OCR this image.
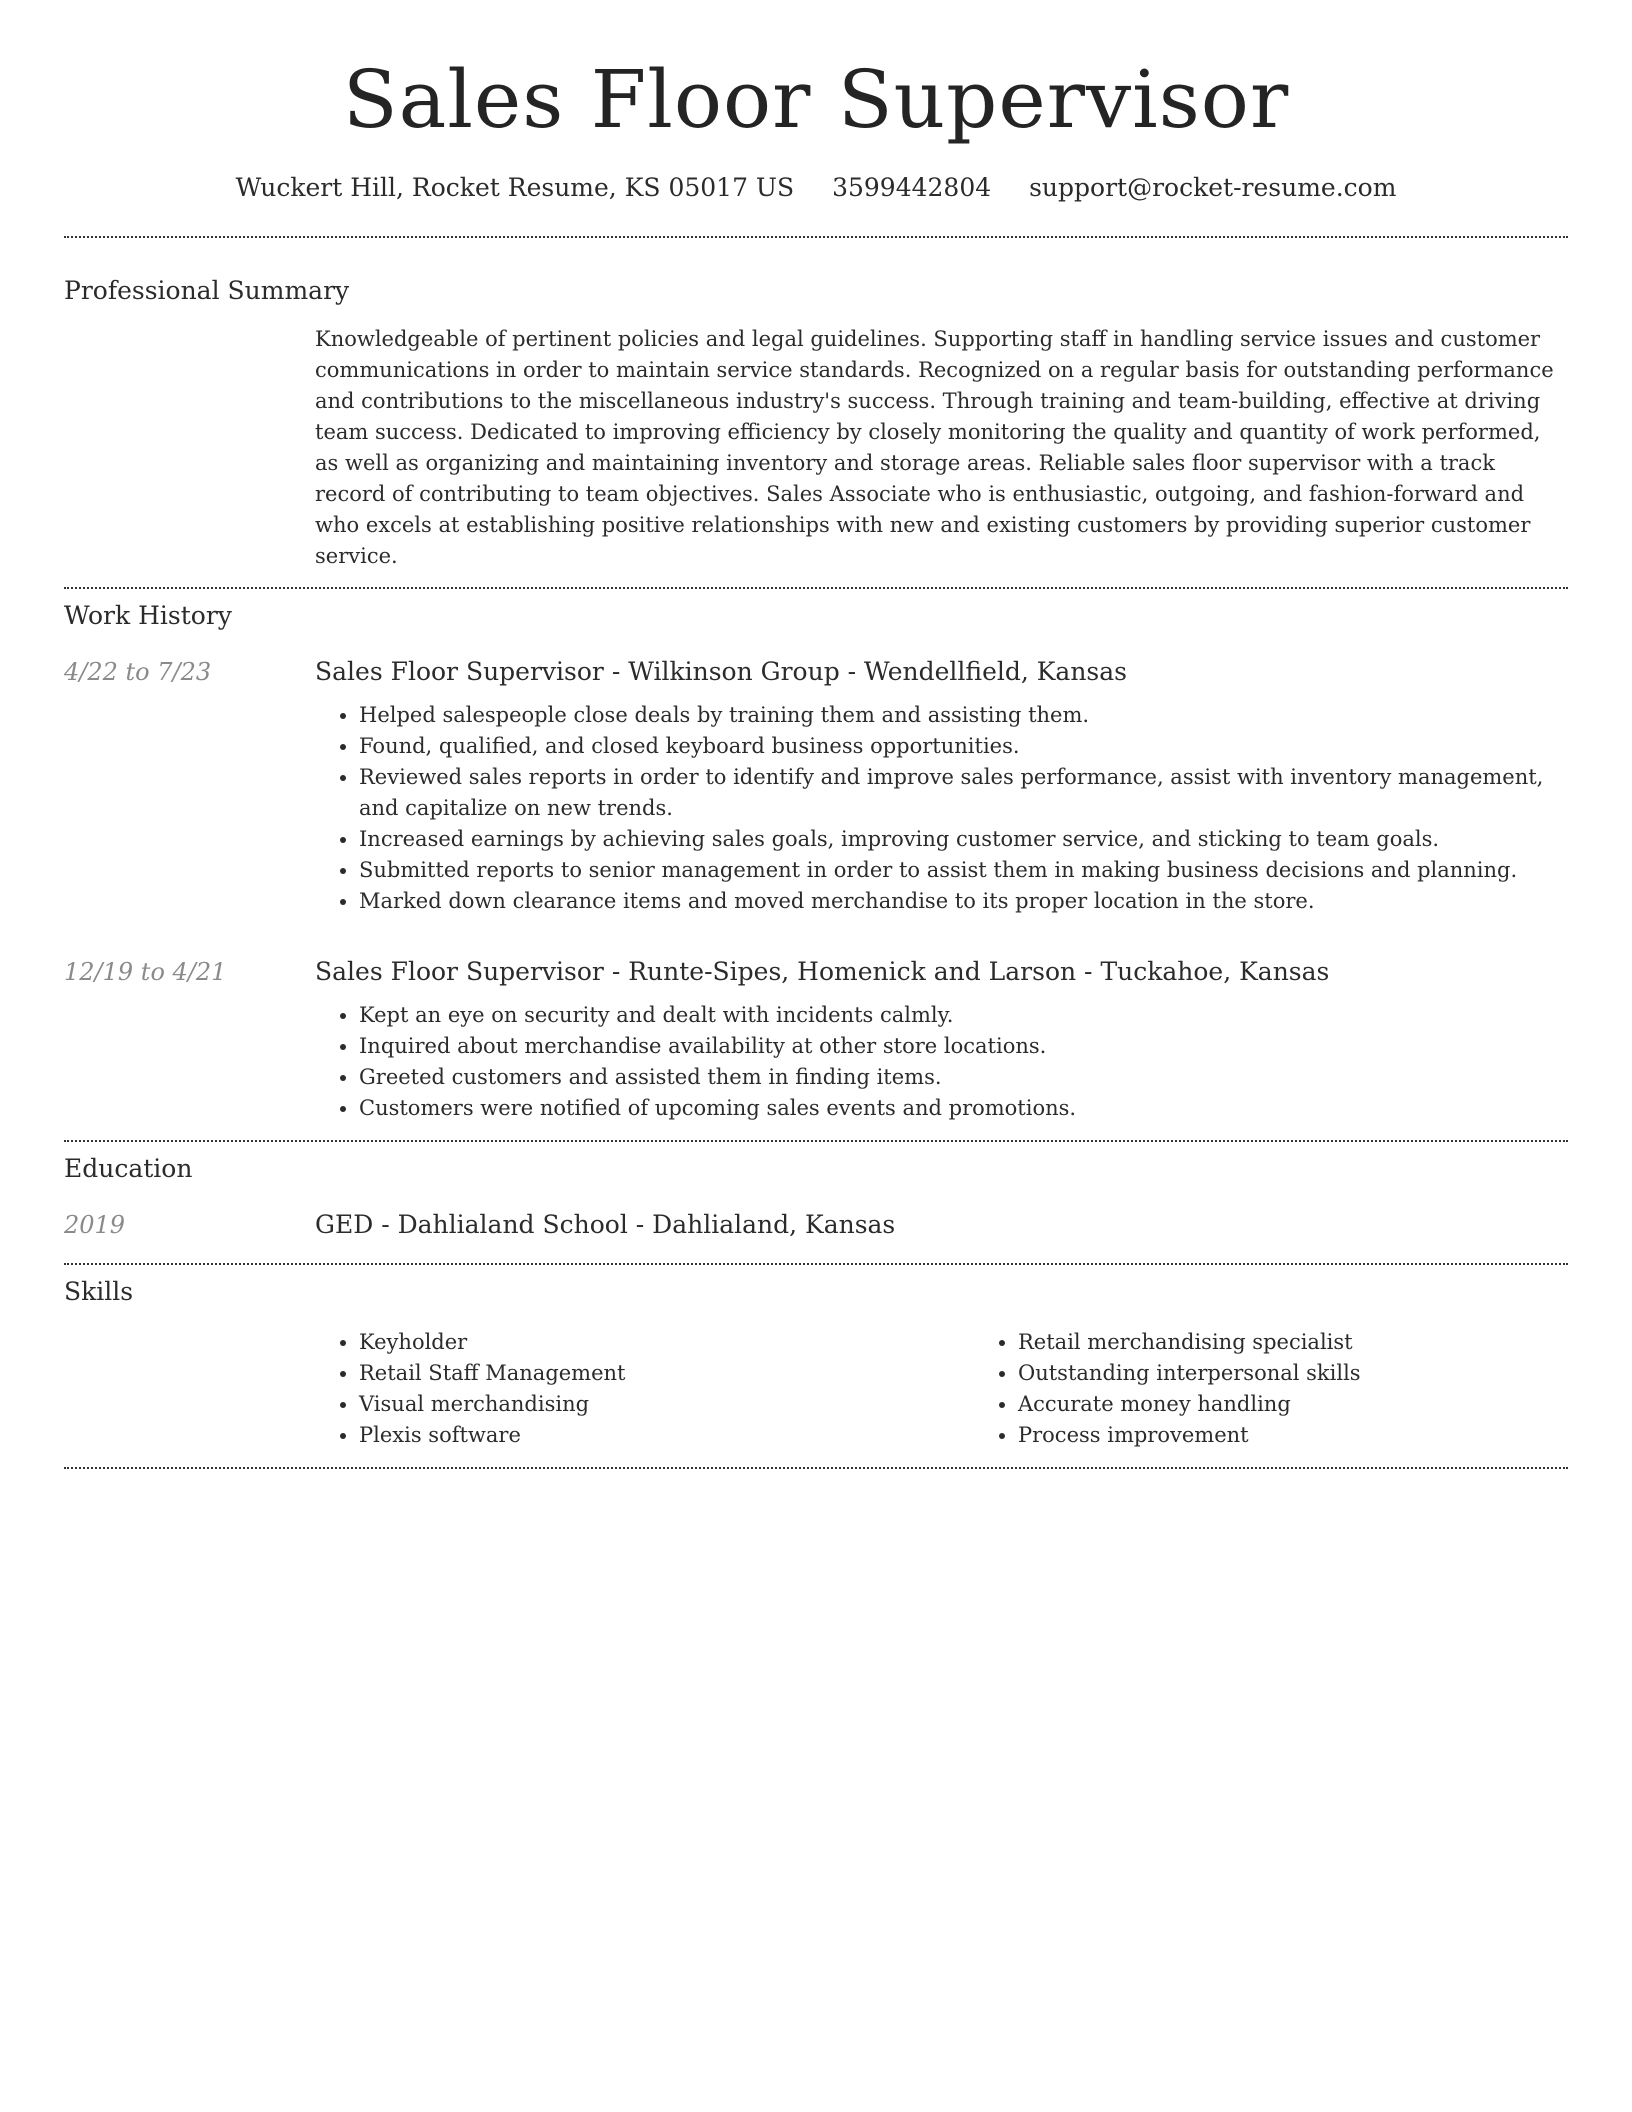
Sales Floor Supervisor
Wuckert Hill, Rocket Resume, KS 05017 US 3599442804 support@rocket-resume.com
Professional Summary

Knowledgeable of pertinent policies and legal guidelines. Supporting staff in handling service issues and customer communications in order to maintain service standards. Recognized on a regular basis for outstanding performance and contributions to the miscellaneous industry's success. Through training and team-building, effective at driving team success. Dedicated to improving efficiency by closely monitoring the quality and quantity of work performed, as well as organizing and maintaining inventory and storage areas. Reliable sales floor supervisor with a track record of contributing to team objectives. Sales Associate who is enthusiastic, outgoing, and fashion-forward and who excels at establishing positive relationships with new and existing customers by providing superior customer service.

Work History
4/22 to 7/23	Sales Floor Supervisor - Wilkinson Group - Wendellfield, Kansas
• Helped salespeople close deals by training them and assisting them.
• Found, qualified, and closed keyboard business opportunities.
• Reviewed sales reports in order to identify and improve sales performance, assist with inventory management, and capitalize on new trends.
• Increased earnings by achieving sales goals, improving customer service, and sticking to team goals.
• Submitted reports to senior management in order to assist them in making business decisions and planning.
• Marked down clearance items and moved merchandise to its proper location in the store.
12/19 to 4/21	Sales Floor Supervisor - Runte-Sipes, Homenick and Larson - Tuckahoe, Kansas
• Kept an eye on security and dealt with incidents calmly.
• Inquired about merchandise availability at other store locations.
• Greeted customers and assisted them in finding items.
• Customers were notified of upcoming sales events and promotions.
Education
2019	GED - Dahlialand School - Dahlialand, Kansas
Skills
• Keyholder
• Retail Staff Management
• Visual merchandising
• Plexis software
• Retail merchandising specialist
• Outstanding interpersonal skills
• Accurate money handling
• Process improvement
